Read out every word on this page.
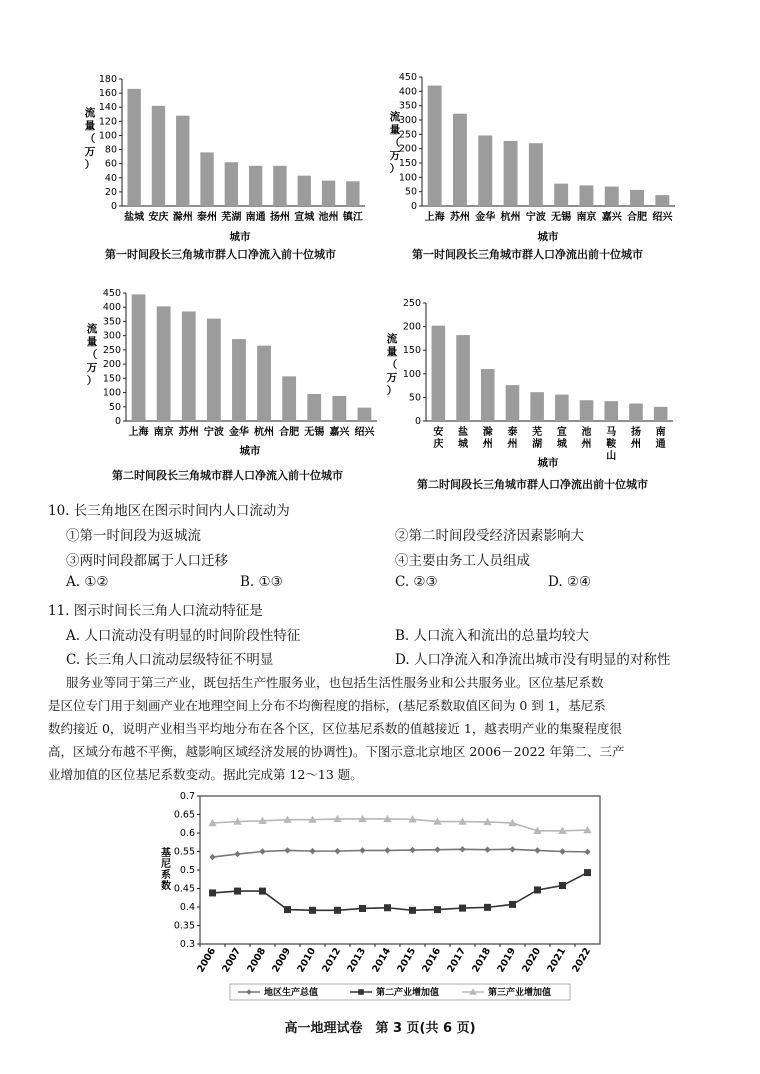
0
20
40
60
80
100
120
140
160
180
流
量
（
万
）
盐城 安庆 滁州 泰州 芜湖 南通 扬州 宣城 池州 镇江
城市
第一时间段长三角城市群人口净流入前十位城市
0
50
100
150
200
250
300
350
400
450
流
量
（
万
）
上海 苏州 金华 杭州 宁波 无锡 南京 嘉兴 合肥 绍兴
城市
第一时间段长三角城市群人口净流出前十位城市
0
50
100
150
200
250
300
350
400
450
流
量
（
万
）
上海 南京 苏州 宁波 金华 杭州 合肥 无锡 嘉兴 绍兴
城市
第二时间段长三角城市群人口净流入前十位城市
0
50
100
150
200
250
流
量
（
万
）
安
庆
盐
城
滁
州
泰
州
芜
湖
宣
城
池
州
马
鞍
山
扬
州
南
通
城市
第二时间段长三角城市群人口净流出前十位城市
10. 长三角地区在图示时间内人口流动为
①第一时间段为返城流	②第二时间段受经济因素影响大
③两时间段都属于人口迁移	④主要由务工人员组成
A. ①②	B. ①③	C. ②③	D. ②④
11. 图示时间长三角人口流动特征是
A. 人口流动没有明显的时间阶段性特征	B. 人口流入和流出的总量均较大
C. 长三角人口流动层级特征不明显	D. 人口净流入和净流出城市没有明显的对称性
服务业等同于第三产业，既包括生产性服务业，也包括生活性服务业和公共服务业。区位基尼系数
是区位专门用于刻画产业在地理空间上分布不均衡程度的指标，(基尼系数取值区间为 0 到 1，基尼系
数约接近 0，说明产业相当平均地分布在各个区，区位基尼系数的值越接近 1，越表明产业的集聚程度很
高，区域分布越不平衡，越影响区域经济发展的协调性)。下图示意北京地区 2006－2022 年第二、三产
业增加值的区位基尼系数变动。据此完成第 12～13 题。
0.3
0.35
0.4
0.45
0.5
0.55
0.6
0.65
0.7
基
尼
系
数
2006 2007 2008 2009 2010 2012 2013 2014 2015 2016 2017 2018 2019 2020 2021 2022
地区生产总值	第二产业增加值	第三产业增加值
高一地理试卷　第 3 页(共 6 页)
